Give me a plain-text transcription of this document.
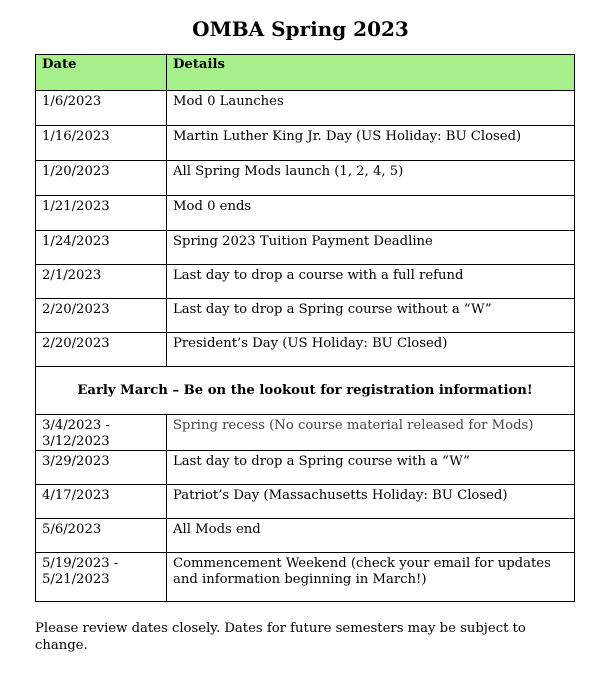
OMBA Spring 2023
Date	Details
1/6/2023	Mod 0 Launches
1/16/2023	Martin Luther King Jr. Day (US Holiday: BU Closed)
1/20/2023	All Spring Mods launch (1, 2, 4, 5)
1/21/2023	Mod 0 ends
1/24/2023	Spring 2023 Tuition Payment Deadline
2/1/2023	Last day to drop a course with a full refund
2/20/2023	Last day to drop a Spring course without a “W”
2/20/2023	President’s Day (US Holiday: BU Closed)
Early March – Be on the lookout for registration information!	
3/4/2023 -
3/12/2023	Spring recess (No course material released for Mods)
3/29/2023	Last day to drop a Spring course with a “W”
4/17/2023	Patriot’s Day (Massachusetts Holiday: BU Closed)
5/6/2023	All Mods end
5/19/2023 -
5/21/2023	Commencement Weekend (check your email for updates and information beginning in March!)
Please review dates closely. Dates for future semesters may be subject to change.
